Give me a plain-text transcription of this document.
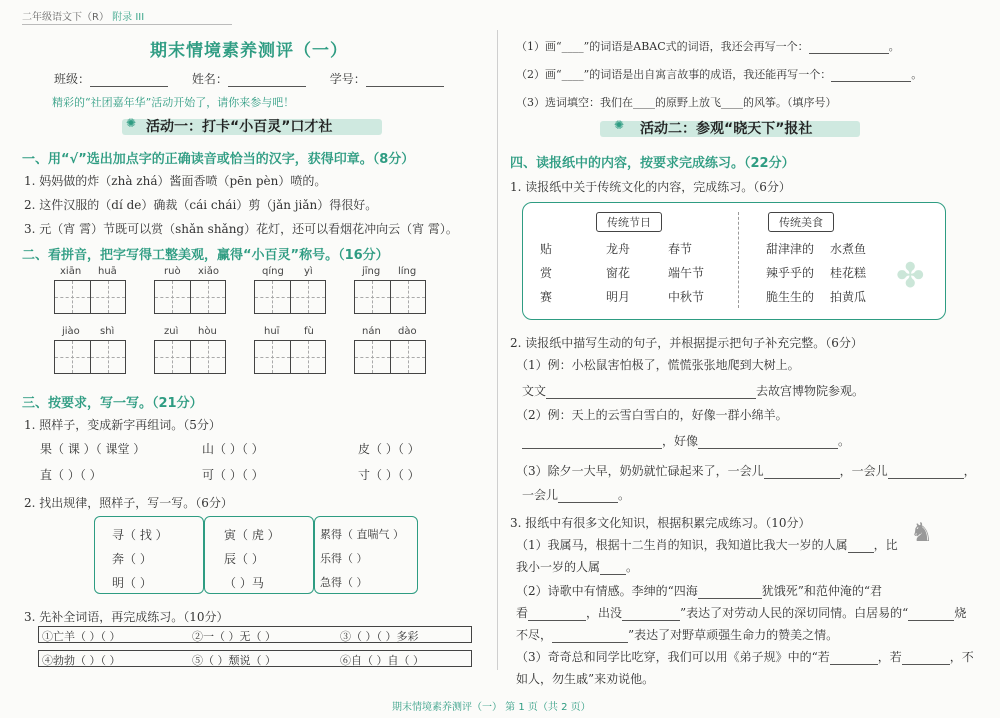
二年级语文下（R） 附录 III
期末情境素养测评（一）
班级：	姓名：	学号：
精彩的“社团嘉年华”活动开始了，请你来参与吧！
✺ 活动一：打卡“小百灵”口才社
一、用“√”选出加点字的正确读音或恰当的汉字，获得印章。（8分）
1. 妈妈做的炸（zhà zhá）酱面香喷（pēn pèn）喷的。
2. 这件汉服的（dí de）确裁（cái chái）剪（jǎn jiǎn）得很好。
3. 元（宵 霄）节既可以赏（shǎn shǎng）花灯，还可以看烟花冲向云（宵 霄）。
二、看拼音，把字写得工整美观，赢得“小百灵”称号。（16分）
xiān huā	ruò xiǎo	qíng yì	jīng líng
jiào shì	zuì hòu	huī fù	nán dào
三、按要求，写一写。（21分）
1. 照样子，变成新字再组词。（5分）
果（ 课 ）（ 课堂 ）	山（ ）（ ）	皮（ ）（ ）
直（ ）（ ）	可（ ）（ ）	寸（ ）（ ）
2. 找出规律，照样子，写一写。（6分）
寻（ 找 ）
奔（ ）
明（ ）
寅（ 虎 ）
辰（ ）
（ ）马
累得（ 直喘气 ）
乐得（ ）
急得（ ）
3. 先补全词语，再完成练习。（10分）
①亡羊（ ）（ ）	②一（ ）无（ ）	③（ ）（ ）多彩
④勃勃（ ）（ ）	⑤（ ）颓说（ ）	⑥自（ ）自（ ）
（1）画“____”的词语是ABAC式的词语，我还会再写一个：	。
（2）画“____”的词语是出自寓言故事的成语，我还能再写一个：	。
（3）选词填空：我们在____的原野上放飞____的风筝。（填序号）
✺ 活动二：参观“晓天下”报社
四、读报纸中的内容，按要求完成练习。（22分）
1. 读报纸中关于传统文化的内容，完成练习。（6分）
传统节日	传统美食
✤
贴	龙舟	春节	甜津津的 水煮鱼
赏	窗花	端午节	辣乎乎的 桂花糕
赛	明月	中秋节	脆生生的 拍黄瓜
2. 读报纸中描写生动的句子，并根据提示把句子补充完整。（6分）
（1）例：小松鼠害怕极了，慌慌张张地爬到大树上。
文文	去故宫博物院参观。
（2）例：天上的云雪白雪白的，好像一群小绵羊。
，好像	。
（3）除夕一大早，奶奶就忙碌起来了，一会儿	，一会儿	，
一会儿	。
3. 报纸中有很多文化知识，根据积累完成练习。（10分）	♞
（1）我属马，根据十二生肖的知识，我知道比我大一岁的人属 ，比
我小一岁的人属 。
（2）诗歌中有情感。李绅的“四海	犹饿死”和范仲淹的“君
看	，出没	”表达了对劳动人民的深切同情。白居易的“	烧
不尽，	”表达了对野草顽强生命力的赞美之情。
（3）奇奇总和同学比吃穿，我们可以用《弟子规》中的“若	，若	，不
如人，勿生戚”来劝说他。
期末情境素养测评（一） 第 1 页（共 2 页）
